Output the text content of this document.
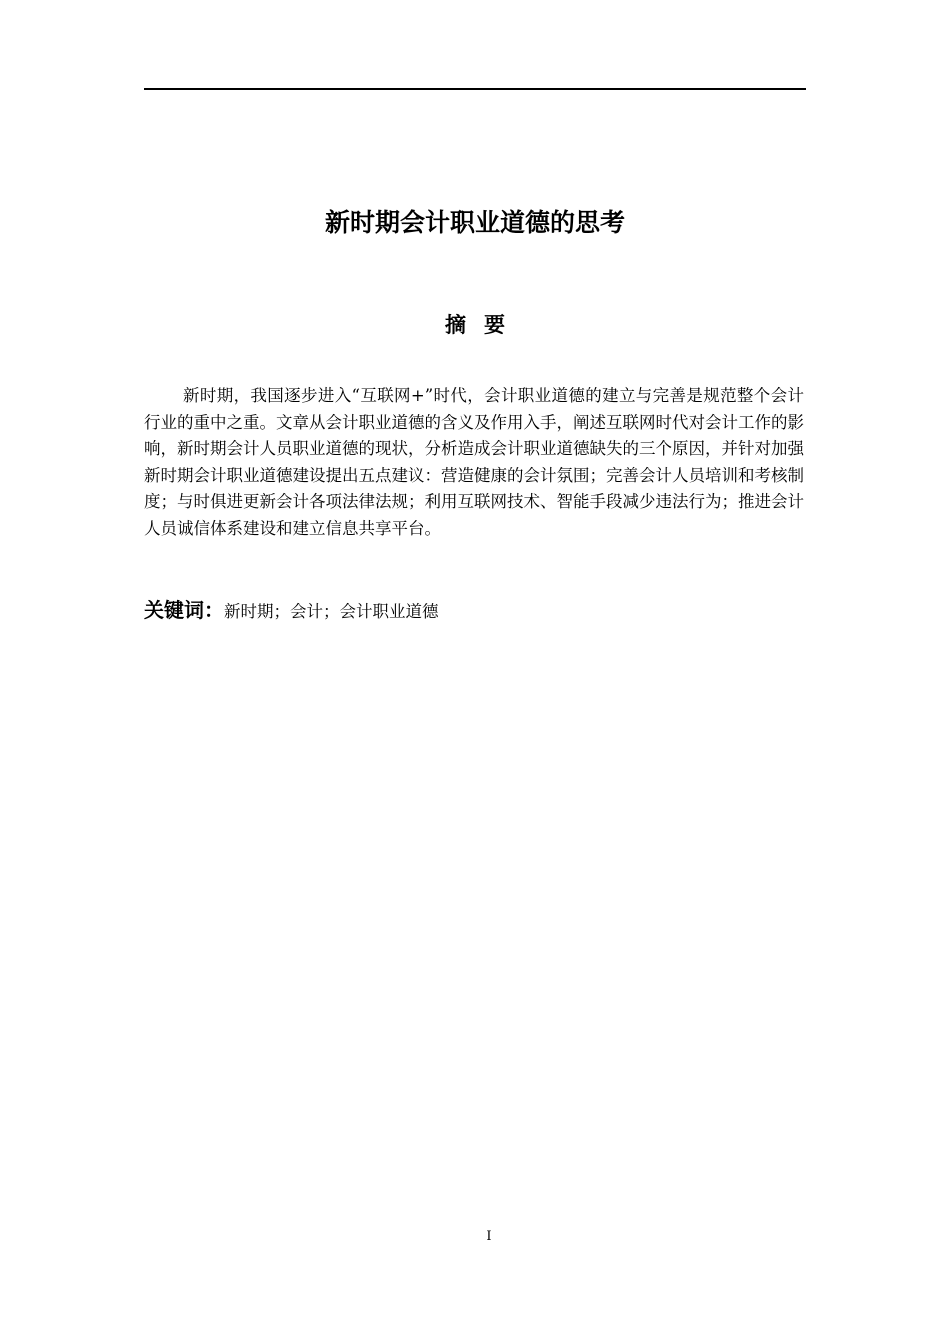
新时期会计职业道德的思考
摘要

新时期，我国逐步进入“互联网+”时代，会计职业道德的建立与完善是规范整个会计行业的重中之重。文章从会计职业道德的含义及作用入手，阐述互联网时代对会计工作的影响，新时期会计人员职业道德的现状，分析造成会计职业道德缺失的三个原因，并针对加强新时期会计职业道德建设提出五点建议：营造健康的会计氛围；完善会计人员培训和考核制度；与时俱进更新会计各项法律法规；利用互联网技术、智能手段减少违法行为；推进会计人员诚信体系建设和建立信息共享平台。

关键词：新时期；会计；会计职业道德

I
